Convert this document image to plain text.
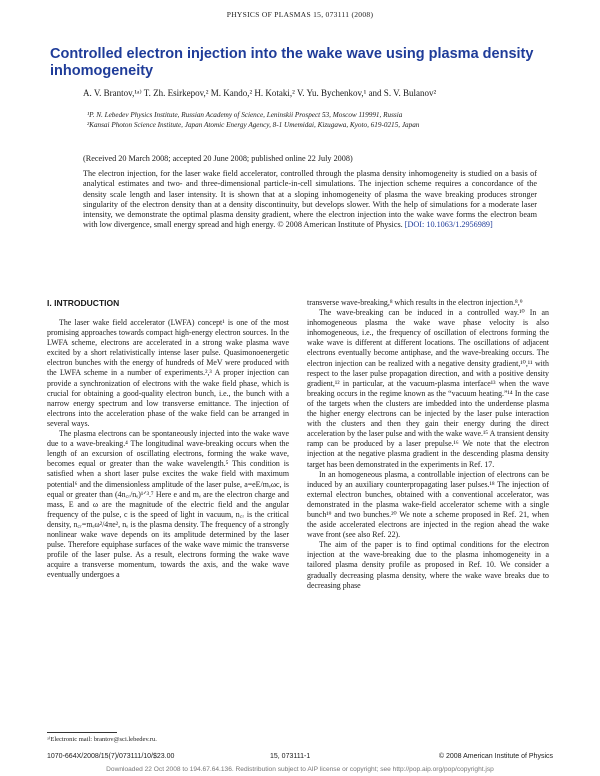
PHYSICS OF PLASMAS 15, 073111 (2008)
Controlled electron injection into the wake wave using plasma density inhomogeneity
A. V. Brantov,¹ᵃ⁾ T. Zh. Esirkepov,² M. Kando,² H. Kotaki,² V. Yu. Bychenkov,¹ and S. V. Bulanov²

¹P. N. Lebedev Physics Institute, Russian Academy of Science, Leninskii Prospect 53, Moscow 119991, Russia

²Kansai Photon Science Institute, Japan Atomic Energy Agency, 8-1 Umemidai, Kizugawa, Kyoto, 619-0215, Japan

(Received 20 March 2008; accepted 20 June 2008; published online 22 July 2008)
The electron injection, for the laser wake field accelerator, controlled through the plasma density inhomogeneity is studied on a basis of analytical estimates and two- and three-dimensional particle-in-cell simulations. The injection scheme requires a concordance of the density scale length and laser intensity. It is shown that at a sloping inhomogeneity of plasma the wave breaking produces stronger singularity of the electron density than at a density discontinuity, but develops slower. With the help of simulations for a moderate laser intensity, we demonstrate the optimal plasma density gradient, where the electron injection into the wake wave forms the electron beam with low divergence, small energy spread and high energy. © 2008 American Institute of Physics. [DOI: 10.1063/1.2956989]
I. INTRODUCTION

The laser wake field accelerator (LWFA) concept¹ is one of the most promising approaches towards compact high-energy electron sources. In the LWFA scheme, electrons are accelerated in a strong wake plasma wave excited by a short relativistically intense laser pulse. Quasimonoenergetic electron bunches with the energy of hundreds of MeV were produced with the LWFA scheme in a number of experiments.²,³ A proper injection can provide a synchronization of electrons with the wake field phase, which is crucial for obtaining a good-quality electron bunch, i.e., the bunch with a narrow energy spectrum and low transverse emittance. The injection of electrons into the acceleration phase of the wake field can be arranged in several ways.

The plasma electrons can be spontaneously injected into the wake wave due to a wave-breaking.⁴ The longitudinal wave-breaking occurs when the length of an excursion of oscillating electrons, forming the wake wave, becomes equal or greater than the wake wavelength.⁵ This condition is satisfied when a short laser pulse excites the wake field with maximum potential⁶ and the dimensionless amplitude of the laser pulse, a=eE/mₑωc, is equal or greater than (4n꜀ᵣ/nₑ)¹ᐟ³.⁷ Here e and mₑ are the electron charge and mass, E and ω are the magnitude of the electric field and the angular frequency of the pulse, c is the speed of light in vacuum, n꜀ᵣ is the critical density, n꜀ᵣ=mₑω²/4πe², nₑ is the plasma density. The frequency of a strongly nonlinear wake wave depends on its amplitude determined by the laser pulse. Therefore equiphase surfaces of the wake wave mimic the transverse profile of the laser pulse. As a result, electrons forming the wake wave acquire a transverse momentum, towards the axis, and the wake wave eventually undergoes a

transverse wave-breaking,⁸ which results in the electron injection.⁸,⁹

The wave-breaking can be induced in a controlled way.¹⁰ In an inhomogeneous plasma the wake wave phase velocity is also inhomogeneous, i.e., the frequency of oscillation of electrons forming the wake wave is different at different locations. The oscillations of adjacent electrons eventually become antiphase, and the wave-breaking occurs. The electron injection can be realized with a negative density gradient,¹⁰,¹¹ with respect to the laser pulse propagation direction, and with a positive density gradient,¹² in particular, at the vacuum-plasma interface¹³ when the wave breaking occurs in the regime known as the “vacuum heating.”¹⁴ In the case of the targets when the clusters are imbedded into the underdense plasma the higher energy electrons can be injected by the laser pulse interaction with the clusters and then they gain their energy during the direct acceleration by the laser pulse and with the wake wave.¹⁵ A transient density ramp can be produced by a laser prepulse.¹⁶ We note that the electron injection at the negative plasma gradient in the descending plasma density target has been demonstrated in the experiments in Ref. 17.

In an homogeneous plasma, a controllable injection of electrons can be induced by an auxiliary counterpropagating laser pulses.¹⁸ The injection of external electron bunches, obtained with a conventional accelerator, was demonstrated in the plasma wake-field accelerator scheme with a single bunch¹⁹ and two bunches.²⁰ We note a scheme proposed in Ref. 21, when the aside accelerated electrons are injected in the region ahead the wake wave front (see also Ref. 22).

The aim of the paper is to find optimal conditions for the electron injection at the wave-breaking due to the plasma inhomogeneity in a tailored plasma density profile as proposed in Ref. 10. We consider a gradually decreasing plasma density, where the wake wave breaks due to decreasing phase

ᵃ⁾Electronic mail: brantov@sci.lebedev.ru.
1070-664X/2008/15(7)/073111/10/$23.00	15, 073111-1	© 2008 American Institute of Physics
Downloaded 22 Oct 2008 to 194.67.64.136. Redistribution subject to AIP license or copyright; see http://pop.aip.org/pop/copyright.jsp
